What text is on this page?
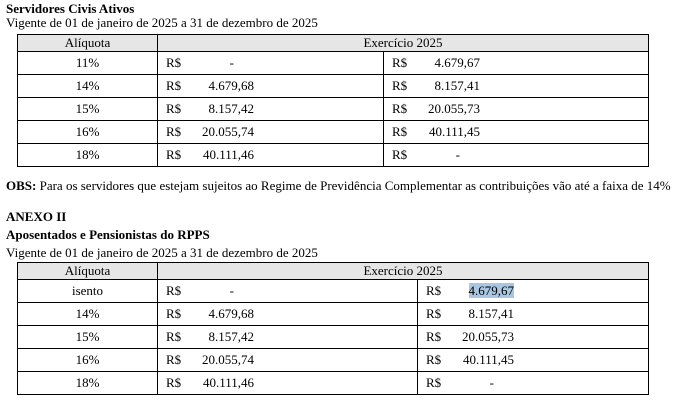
Servidores Civis Ativos
Vigente de 01 de janeiro de 2025 a 31 de dezembro de 2025
Alíquota	Exercício 2025	
11%	R$ -	R$ 4.679,67
14%	R$ 4.679,68	R$ 8.157,41
15%	R$ 8.157,42	R$ 20.055,73
16%	R$ 20.055,74	R$ 40.111,45
18%	R$ 40.111,46	R$ -
OBS: Para os servidores que estejam sujeitos ao Regime de Previdência Complementar as contribuições vão até a faixa de 14%
ANEXO II
Aposentados e Pensionistas do RPPS
Vigente de 01 de janeiro de 2025 a 31 de dezembro de 2025
Alíquota	Exercício 2025	
isento	R$ -	R$ 4.679,67
14%	R$ 4.679,68	R$ 8.157,41
15%	R$ 8.157,42	R$ 20.055,73
16%	R$ 20.055,74	R$ 40.111,45
18%	R$ 40.111,46	R$ -
